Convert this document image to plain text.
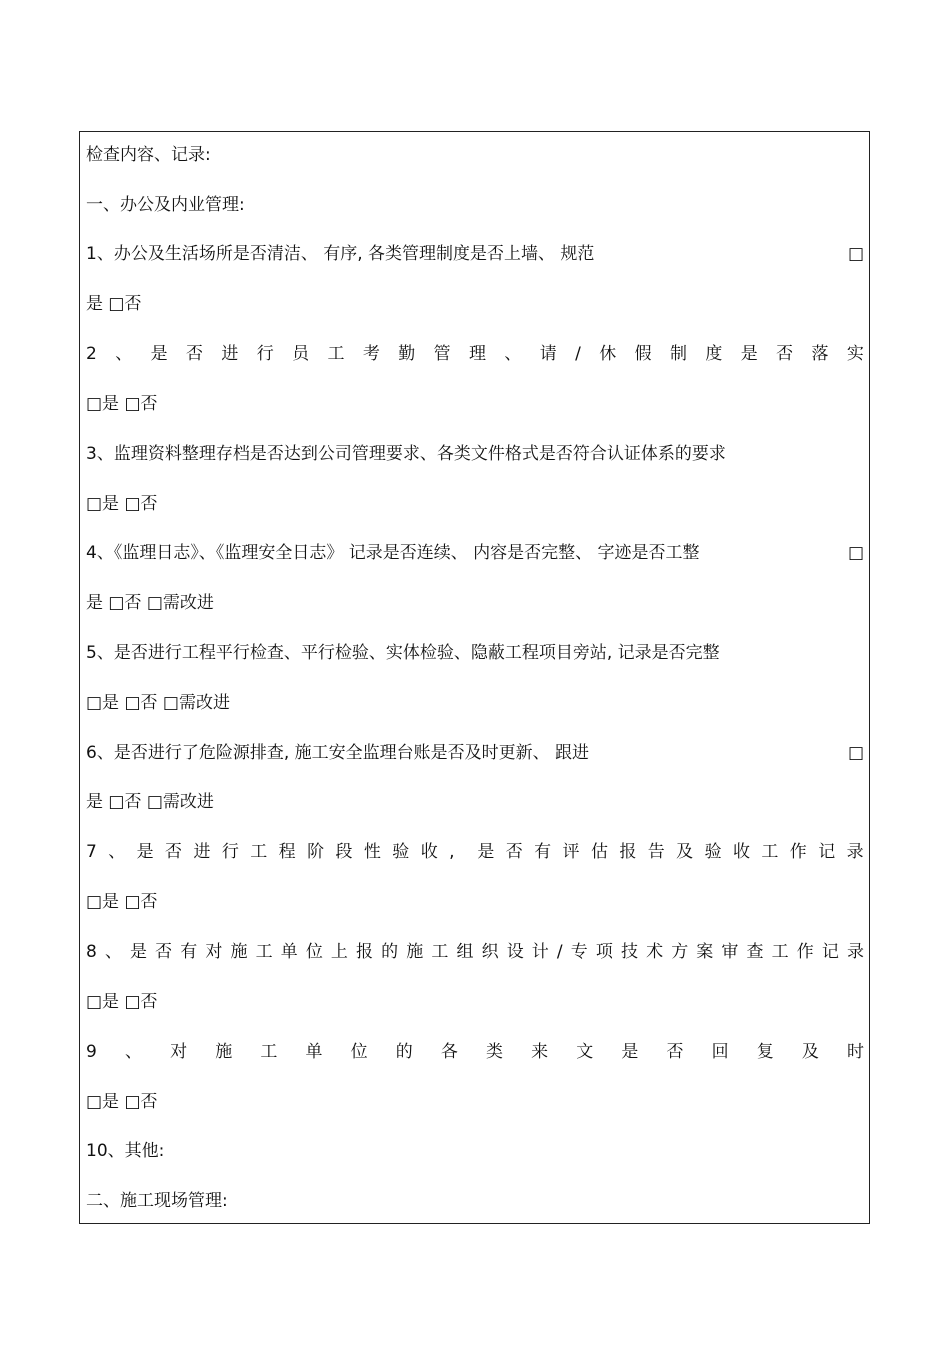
检查内容、记录:
一、办公及内业管理:
1、办公及生活场所是否清洁、 有序, 各类管理制度是否上墙、 规范	□
是 □否
2 、 是 否 进 行 员 工 考 勤 管 理 、 请 / 休 假 制 度 是 否 落 实
□是 □否
3、监理资料整理存档是否达到公司管理要求、各类文件格式是否符合认证体系的要求
□是 □否
4、《监理日志》、《监理安全日志》 记录是否连续、 内容是否完整、 字迹是否工整	□
是 □否 □需改进
5、是否进行工程平行检查、平行检验、实体检验、隐蔽工程项目旁站, 记录是否完整
□是 □否 □需改进
6、是否进行了危险源排查, 施工安全监理台账是否及时更新、 跟进	□
是 □否 □需改进
7 、 是 否 进 行 工 程 阶 段 性 验 收 , 是 否 有 评 估 报 告 及 验 收 工 作 记 录
□是 □否
8 、 是 否 有 对 施 工 单 位 上 报 的 施 工 组 织 设 计 / 专 项 技 术 方 案 审 查 工 作 记 录
□是 □否
9 、 对 施 工 单 位 的 各 类 来 文 是 否 回 复 及 时
□是 □否
10、其他:
二、施工现场管理:
